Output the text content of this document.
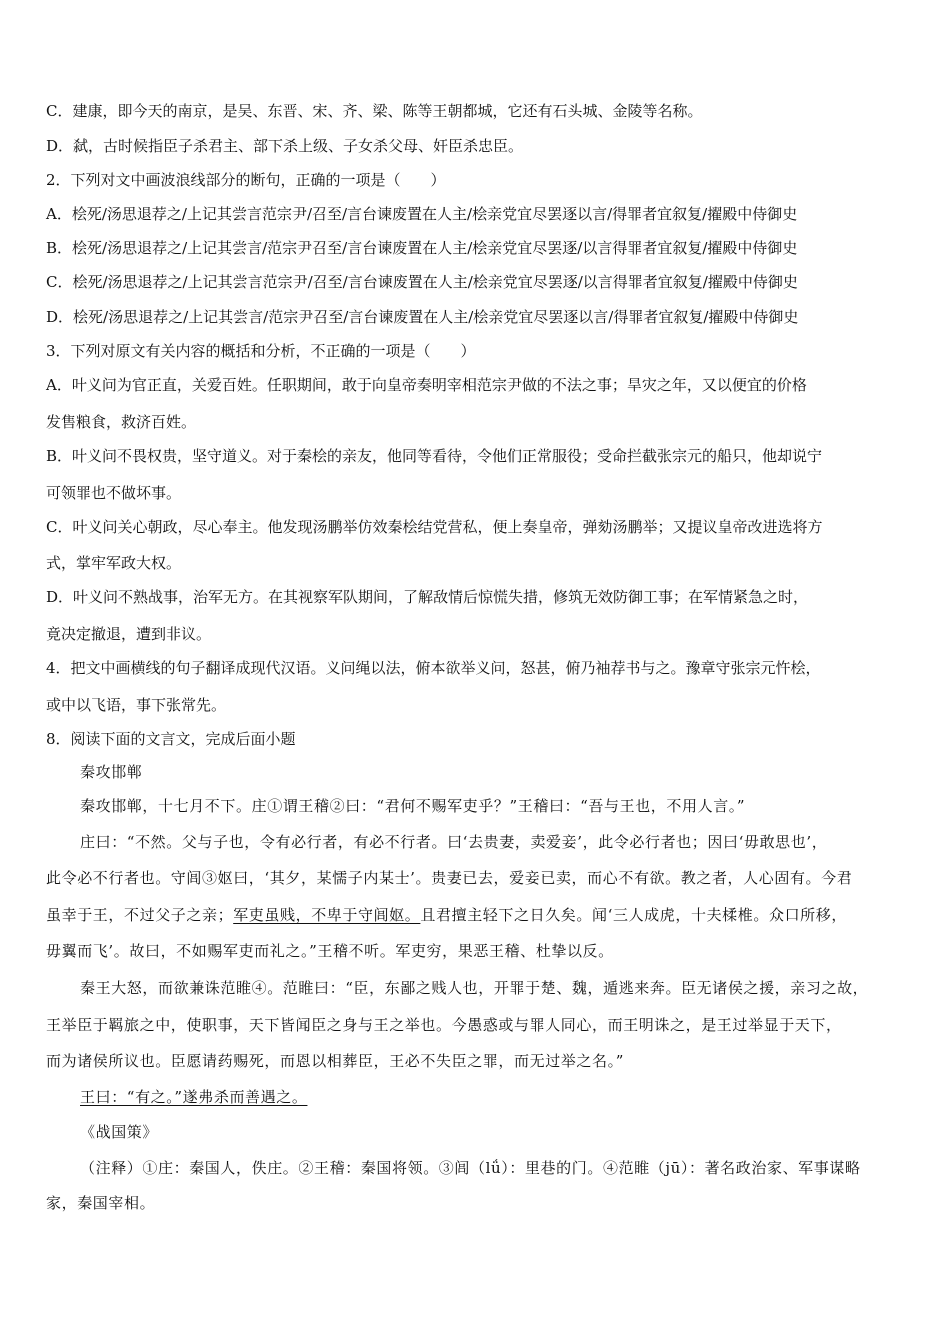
C．建康，即今天的南京，是吴、东晋、宋、齐、梁、陈等王朝都城，它还有石头城、金陵等名称。
D．弑，古时候指臣子杀君主、部下杀上级、子女杀父母、奸臣杀忠臣。
2．下列对文中画波浪线部分的断句，正确的一项是（　　）
A．桧死/汤思退荐之/上记其尝言范宗尹/召至/言台谏废置在人主/桧亲党宜尽罢逐以言/得罪者宜叙复/擢殿中侍御史
B．桧死/汤思退荐之/上记其尝言/范宗尹召至/言台谏废置在人主/桧亲党宜尽罢逐/以言得罪者宜叙复/擢殿中侍御史
C．桧死/汤思退荐之/上记其尝言范宗尹/召至/言台谏废置在人主/桧亲党宜尽罢逐/以言得罪者宜叙复/擢殿中侍御史
D．桧死/汤思退荐之/上记其尝言/范宗尹召至/言台谏废置在人主/桧亲党宜尽罢逐以言/得罪者宜叙复/擢殿中侍御史
3．下列对原文有关内容的概括和分析，不正确的一项是（　　）
A．叶义问为官正直，关爱百姓。任职期间，敢于向皇帝奏明宰相范宗尹做的不法之事；旱灾之年，又以便宜的价格
发售粮食，救济百姓。
B．叶义问不畏权贵，坚守道义。对于秦桧的亲友，他同等看待，令他们正常服役；受命拦截张宗元的船只，他却说宁
可领罪也不做坏事。
C．叶义问关心朝政，尽心奉主。他发现汤鹏举仿效秦桧结党营私，便上奏皇帝，弹劾汤鹏举；又提议皇帝改进选将方
式，掌牢军政大权。
D．叶义问不熟战事，治军无方。在其视察军队期间，了解敌情后惊慌失措，修筑无效防御工事；在军情紧急之时，
竟决定撤退，遭到非议。
4．把文中画横线的句子翻译成现代汉语。义问绳以法，俯本欲举义问，怒甚，俯乃袖荐书与之。豫章守张宗元忤桧，
或中以飞语，事下张常先。
8．阅读下面的文言文，完成后面小题
秦攻邯郸
秦攻邯郸，十七月不下。庄①谓王稽②曰：“君何不赐军吏乎？”王稽曰：“吾与王也，不用人言。”
庄曰：“不然。父与子也，令有必行者，有必不行者。曰‘去贵妻，卖爱妾’，此令必行者也；因曰‘毋敢思也’，
此令必不行者也。守闾③妪曰，‘其夕，某懦子内某士’。贵妻已去，爱妾已卖，而心不有欲。教之者，人心固有。今君
虽幸于王，不过父子之亲；军吏虽贱，不卑于守闾妪。且君擅主轻下之日久矣。闻‘三人成虎，十夫楺椎。众口所移，
毋翼而飞’。故曰，不如赐军吏而礼之。”王稽不听。军吏穷，果恶王稽、杜挚以反。
秦王大怒，而欲兼诛范睢④。范睢曰：“臣，东鄙之贱人也，开罪于楚、魏，遁逃来奔。臣无诸侯之援，亲习之故，
王举臣于羁旅之中，使职事，天下皆闻臣之身与王之举也。今愚惑或与罪人同心，而王明诛之，是王过举显于天下，
而为诸侯所议也。臣愿请药赐死，而恩以相葬臣，王必不失臣之罪，而无过举之名。”
王曰：“有之。”遂弗杀而善遇之。
《战国策》
（注释）①庄：秦国人，佚庄。②王稽：秦国将领。③闾（lǘ）：里巷的门。④范睢（jū）：著名政治家、军事谋略
家，秦国宰相。
